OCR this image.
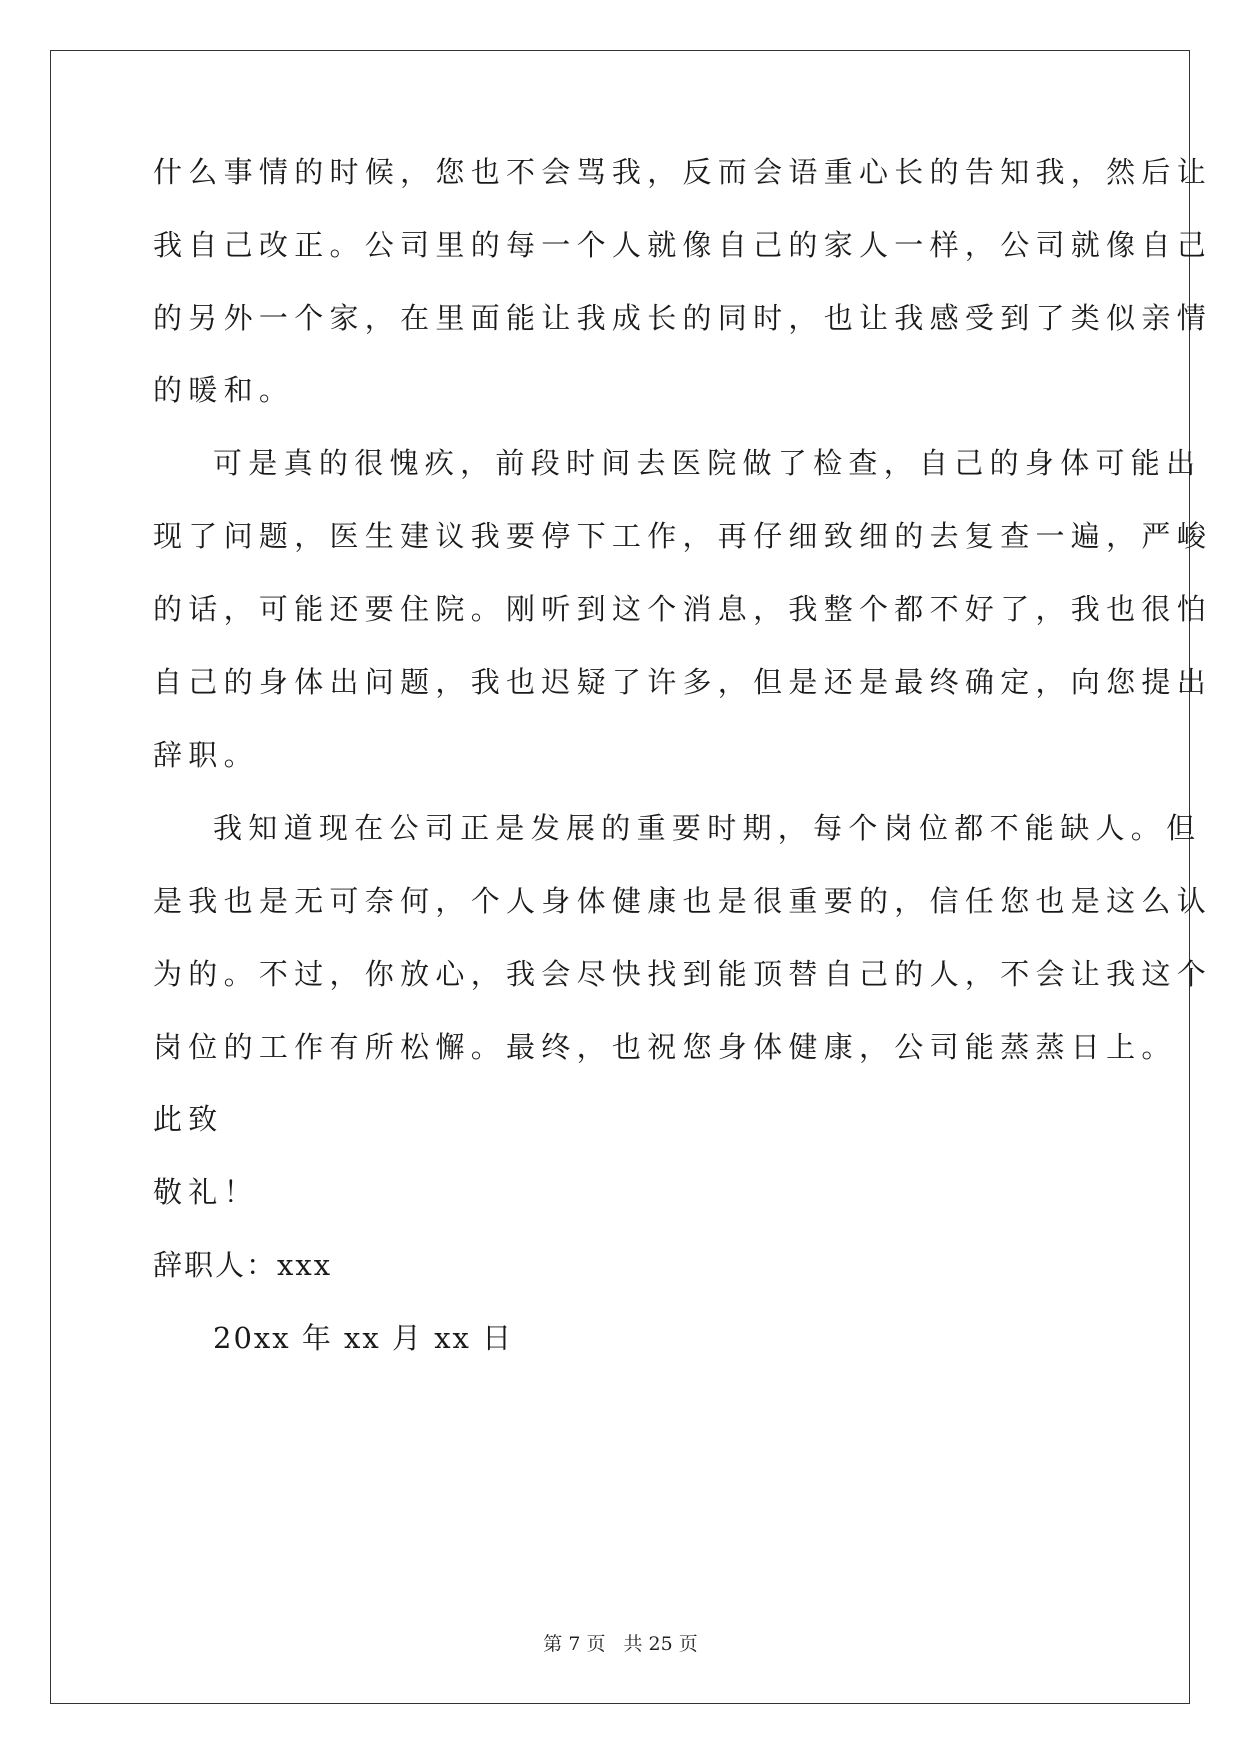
什么事情的时候，您也不会骂我，反而会语重心长的告知我，然后让
我自己改正。公司里的每一个人就像自己的家人一样，公司就像自己
的另外一个家，在里面能让我成长的同时，也让我感受到了类似亲情
的暖和。
可是真的很愧疚，前段时间去医院做了检查，自己的身体可能出
现了问题，医生建议我要停下工作，再仔细致细的去复查一遍，严峻
的话，可能还要住院。刚听到这个消息，我整个都不好了，我也很怕
自己的身体出问题，我也迟疑了许多，但是还是最终确定，向您提出
辞职。
我知道现在公司正是发展的重要时期，每个岗位都不能缺人。但
是我也是无可奈何，个人身体健康也是很重要的，信任您也是这么认
为的。不过，你放心，我会尽快找到能顶替自己的人，不会让我这个
岗位的工作有所松懈。最终，也祝您身体健康，公司能蒸蒸日上。
此致
敬礼！
辞职人：xxx
20xx 年 xx 月 xx 日
第 7 页 共 25 页
